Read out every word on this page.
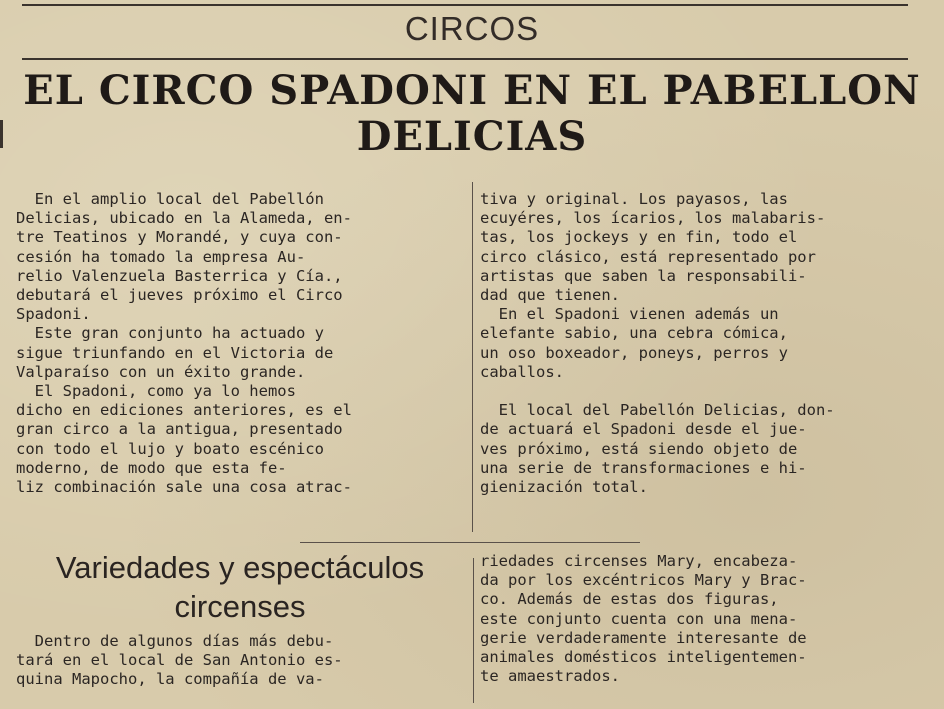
CIRCOS
EL CIRCO SPADONI EN EL PABELLON
DELICIAS
En el amplio local del Pabellón
Delicias, ubicado en la Alameda, en-
tre Teatinos y Morandé, y cuya con-
cesión ha tomado la empresa Au-
relio Valenzuela Basterrica y Cía.,
debutará el jueves próximo el Circo
Spadoni.
Este gran conjunto ha actuado y
sigue triunfando en el Victoria de
Valparaíso con un éxito grande.
El Spadoni, como ya lo hemos
dicho en ediciones anteriores, es el
gran circo a la antigua, presentado
con todo el lujo y boato escénico
moderno, de modo que esta fe-
liz combinación sale una cosa atrac-
tiva y original. Los payasos, las
ecuyéres, los ícarios, los malabaris-
tas, los jockeys y en fin, todo el
circo clásico, está representado por
artistas que saben la responsabili-
dad que tienen.
En el Spadoni vienen además un
elefante sabio, una cebra cómica,
un oso boxeador, poneys, perros y
caballos.

El local del Pabellón Delicias, don-
de actuará el Spadoni desde el jue-
ves próximo, está siendo objeto de
una serie de transformaciones e hi-
gienización total.
Variedades y espectáculos
circenses
Dentro de algunos días más debu-
tará en el local de San Antonio es-
quina Mapocho, la compañía de va-
riedades circenses Mary, encabeza-
da por los excéntricos Mary y Brac-
co. Además de estas dos figuras,
este conjunto cuenta con una mena-
gerie verdaderamente interesante de
animales domésticos inteligentemen-
te amaestrados.
